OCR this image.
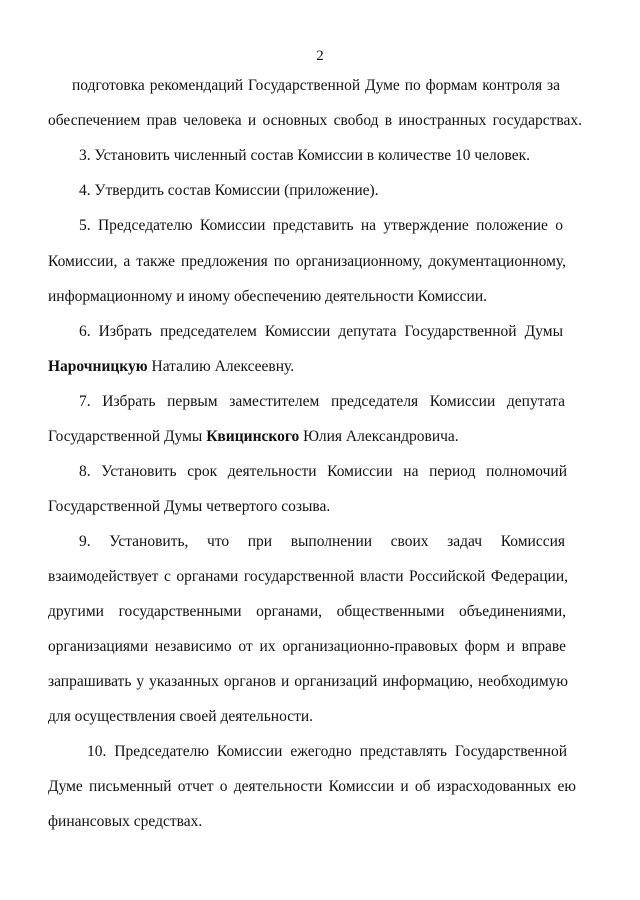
2
подготовка рекомендаций Государственной Думе по формам контроля за
обеспечением прав человека и основных свобод в иностранных государствах.
3. Установить численный состав Комиссии в количестве 10 человек.
4. Утвердить состав Комиссии (приложение).
5. Председателю Комиссии представить на утверждение положение о
Комиссии, а также предложения по организационному, документационному,
информационному и иному обеспечению деятельности Комиссии.
6. Избрать председателем Комиссии депутата Государственной Думы
Нарочницкую Наталию Алексеевну.
7. Избрать первым заместителем председателя Комиссии депутата
Государственной Думы Квицинского Юлия Александровича.
8. Установить срок деятельности Комиссии на период полномочий
Государственной Думы четвертого созыва.
9. Установить, что при выполнении своих задач Комиссия
взаимодействует с органами государственной власти Российской Федерации,
другими государственными органами, общественными объединениями,
организациями независимо от их организационно-правовых форм и вправе
запрашивать у указанных органов и организаций информацию, необходимую
для осуществления своей деятельности.
10. Председателю Комиссии ежегодно представлять Государственной
Думе письменный отчет о деятельности Комиссии и об израсходованных ею
финансовых средствах.
